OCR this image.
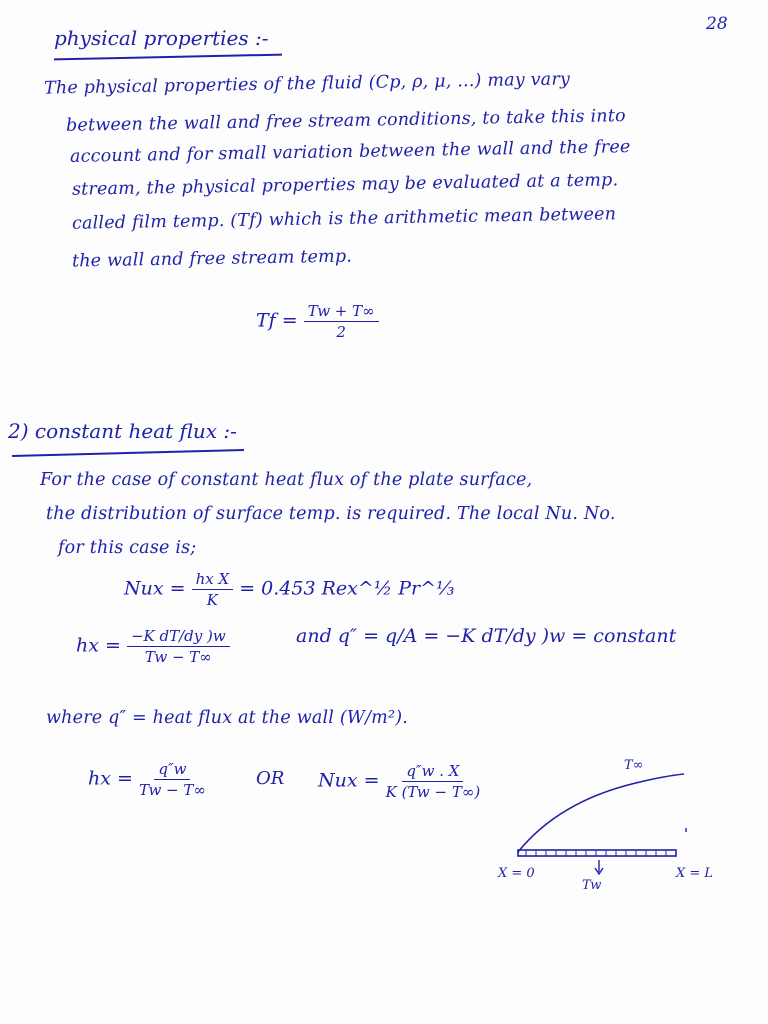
28
physical properties :-
The physical properties of the fluid (Cp, ρ, μ, ...) may vary
between the wall and free stream conditions, to take this into
account and for small variation between the wall and the free
stream, the physical properties may be evaluated at a temp.
called film temp. (Tf) which is the arithmetic mean between
the wall and free stream temp.
$Tf = \frac{Tw + T\infty}{2}$
2) constant heat flux :-
For the case of constant heat flux of the plate surface,
the distribution of surface temp. is required. The local Nu. No.
for this case is;
Nux = $\frac{\text{hx X}}{K} = 0.453$ Rex^½ Pr^⅓
hx = $\frac{\text{−K dT/dy )w}}{Tw - T\infty}$	and q″ = q/A = −K dT/dy )w = constant
where q″ = heat flux at the wall (W/m²).
hx = $\frac{q''w}{Tw - T\infty}$	OR Nux = $\frac{q''w . X}{K (Tw - T\infty)}$	T∞
X = 0
Tw
X = L
